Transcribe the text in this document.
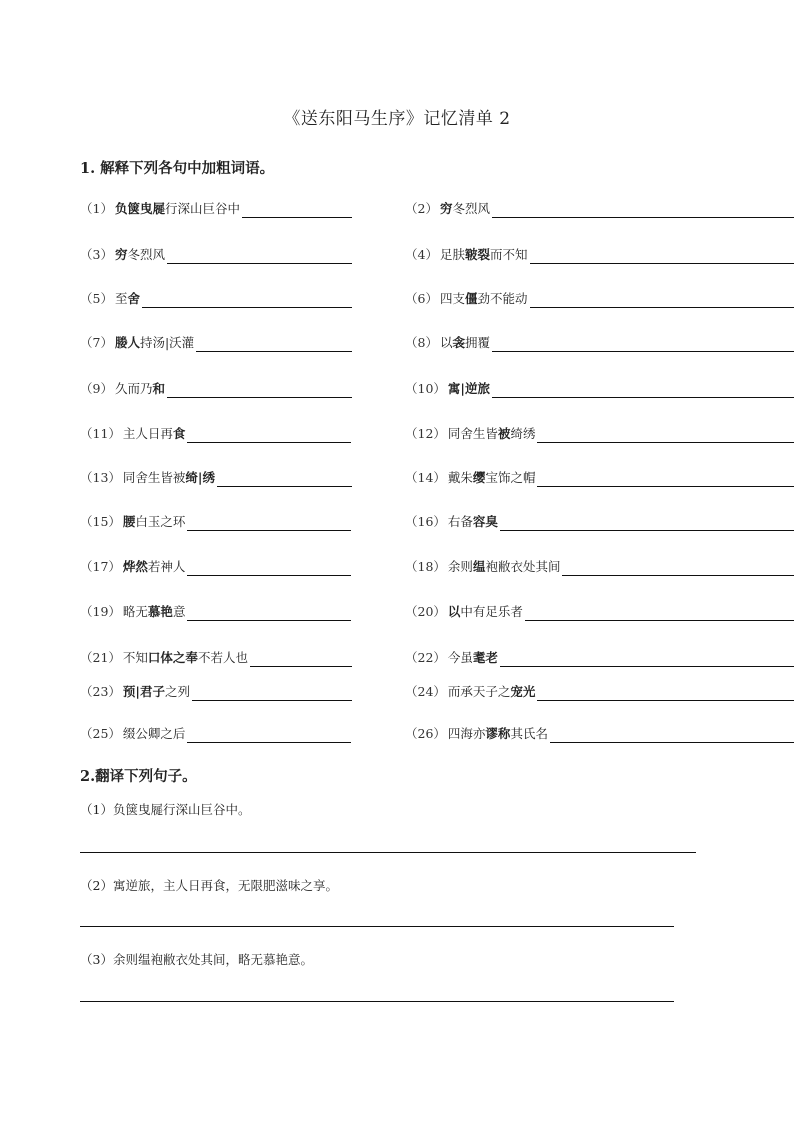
《送东阳马生序》记忆清单 2
1. 解释下列各句中加粗词语。
（1） 负箧曳屣行深山巨谷中	（2） 穷冬烈风
（3） 穷冬烈风	（4） 足肤皲裂而不知
（5） 至舍	（6） 四支僵劲不能动
（7） 媵人持汤|沃灌	（8） 以衾拥覆
（9） 久而乃和	（10） 寓|逆旅
（11） 主人日再食	（12） 同舍生皆被绮绣
（13） 同舍生皆被绮|绣	（14） 戴朱缨宝饰之帽
（15） 腰白玉之环	（16） 右备容臭
（17） 烨然若神人	（18） 余则缊袍敝衣处其间
（19） 略无慕艳意	（20） 以中有足乐者
（21） 不知口体之奉不若人也	（22） 今虽耄老
（23） 预|君子之列	（24） 而承天子之宠光
（25） 缀公卿之后	（26） 四海亦谬称其氏名
2.翻译下列句子。
（1）负箧曳屣行深山巨谷中。
（2）寓逆旅，主人日再食，无限肥滋味之享。
（3）余则缊袍敝衣处其间，略无慕艳意。
